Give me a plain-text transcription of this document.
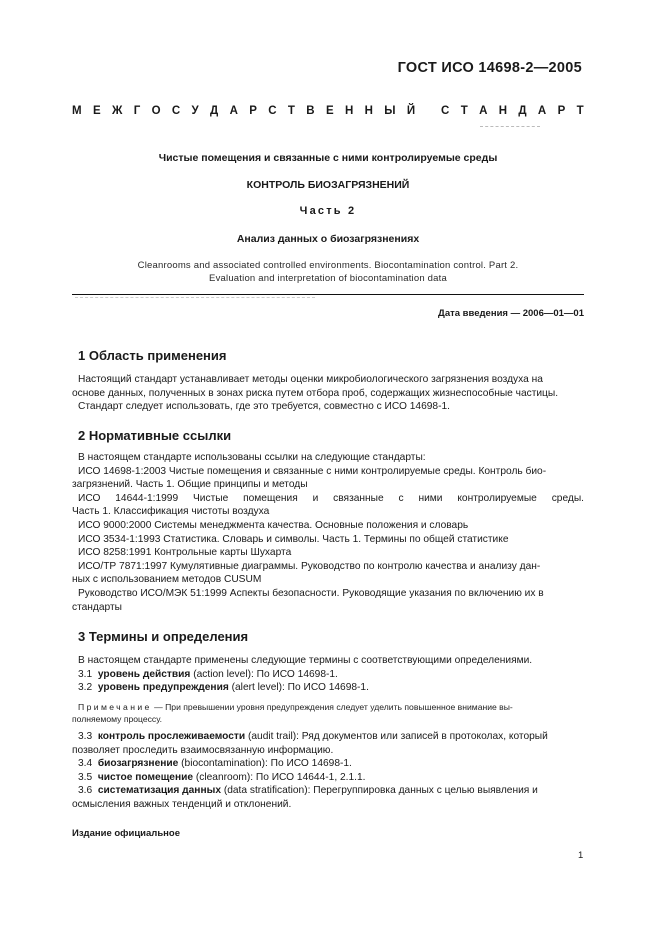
ГОСТ ИСО 14698-2—2005
М Е Ж Г О С У Д А Р С Т В Е Н Н Ы Й
С Т А Н Д А Р Т
Чистые помещения и связанные с ними контролируемые среды
КОНТРОЛЬ БИОЗАГРЯЗНЕНИЙ
Часть 2
Анализ данных о биозагрязнениях
Cleanrooms and associated controlled environments. Biocontamination control. Part 2.
Evaluation and interpretation of biocontamination data
Дата введения — 2006—01—01
1 Область применения

Настоящий стандарт устанавливает методы оценки микробиологического загрязнения воздуха на

основе данных, полученных в зонах риска путем отбора проб, содержащих жизнеспособные частицы.

Стандарт следует использовать, где это требуется, совместно с ИСО 14698-1.

2 Нормативные ссылки

В настоящем стандарте использованы ссылки на следующие стандарты:

ИСО 14698-1:2003 Чистые помещения и связанные с ними контролируемые среды. Контроль био-

загрязнений. Часть 1. Общие принципы и методы

ИСО 14644-1:1999 Чистые помещения и связанные с ними контролируемые среды.

Часть 1. Классификация чистоты воздуха

ИСО 9000:2000 Системы менеджмента качества. Основные положения и словарь

ИСО 3534-1:1993 Статистика. Словарь и символы. Часть 1. Термины по общей статистике

ИСО 8258:1991 Контрольные карты Шухарта

ИСО/ТР 7871:1997 Кумулятивные диаграммы. Руководство по контролю качества и анализу дан-

ных с использованием методов CUSUM

Руководство ИСО/МЭК 51:1999 Аспекты безопасности. Руководящие указания по включению их в

стандарты

3 Термины и определения

В настоящем стандарте применены следующие термины с соответствующими определениями.

3.1 уровень действия (action level): По ИСО 14698-1.

3.2 уровень предупреждения (alert level): По ИСО 14698-1.

Примечание — При превышении уровня предупреждения следует уделить повышенное внимание вы-
полняемому процессу.

3.3 контроль прослеживаемости (audit trail): Ряд документов или записей в протоколах, который

позволяет проследить взаимосвязанную информацию.

3.4 биозагрязнение (biocontamination): По ИСО 14698-1.

3.5 чистое помещение (cleanroom): По ИСО 14644-1, 2.1.1.

3.6 систематизация данных (data stratification): Перегруппировка данных с целью выявления и

осмысления важных тенденций и отклонений.

Издание официальное
1
